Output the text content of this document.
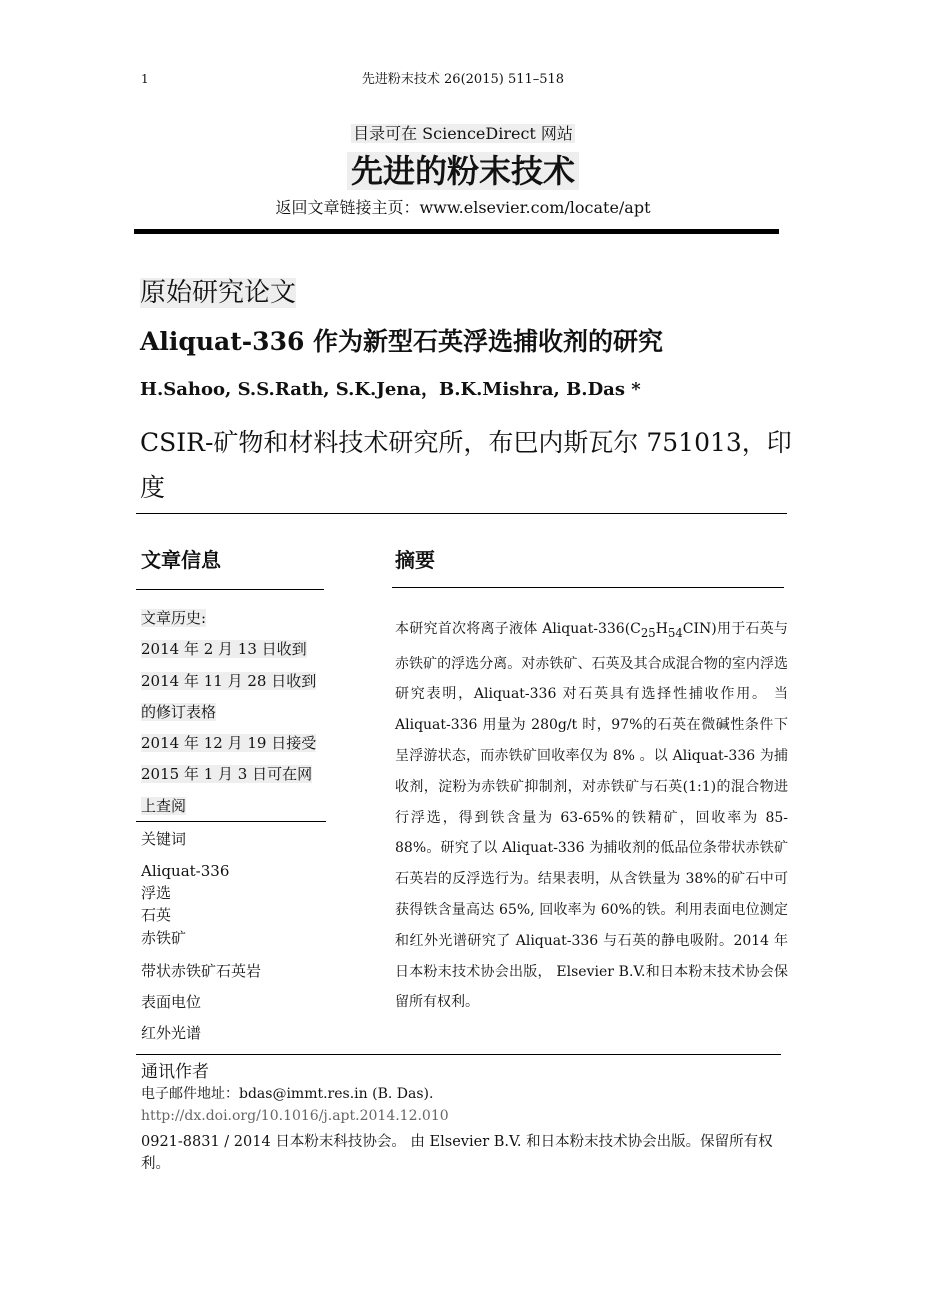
1	先进粉末技术 26(2015) 511–518
目录可在 ScienceDirect 网站
先进的粉末技术
返回文章链接主页：www.elsevier.com/locate/apt
原始研究论文
Aliquat-336 作为新型石英浮选捕收剂的研究
H.Sahoo, S.S.Rath, S.K.Jena，B.K.Mishra, B.Das *
CSIR-矿物和材料技术研究所，布巴内斯瓦尔 751013，印度
文章信息	摘要
文章历史:
2014 年 2 月 13 日收到
2014 年 11 月 28 日收到
的修订表格
2014 年 12 月 19 日接受
2015 年 1 月 3 日可在网
上查阅
关键词
Aliquat-336
浮选
石英
赤铁矿
带状赤铁矿石英岩
表面电位
红外光谱
本研究首次将离子液体 Aliquat-$336(C_{25}H_{54}CIN)$用于石英与赤铁矿的浮选分离。对赤铁矿、石英及其合成混合物的室内浮选研究表明，Aliquat-336 对石英具有选择性捕收作用。 当 Aliquat-336 用量为 280g/t 时，97%的石英在微碱性条件下呈浮游状态，而赤铁矿回收率仅为 8% 。以 Aliquat-336 为捕收剂，淀粉为赤铁矿抑制剂，对赤铁矿与石英(1:1)的混合物进行浮选，得到铁含量为 63-65%的铁精矿，回收率为 85-88%。研究了以 Aliquat-336 为捕收剂的低品位条带状赤铁矿石英岩的反浮选行为。结果表明，从含铁量为 38%的矿石中可获得铁含量高达 65%, 回收率为 60%的铁。利用表面电位测定和红外光谱研究了 Aliquat-336 与石英的静电吸附。2014 年日本粉末技术协会出版， Elsevier B.V.和日本粉末技术协会保留所有权利。
通讯作者
电子邮件地址：bdas@immt.res.in (B. Das).
http://dx.doi.org/10.1016/j.apt.2014.12.010
0921-8831 / 2014 日本粉末科技协会。 由 Elsevier B.V. 和日本粉末技术协会出版。保留所有权利。
